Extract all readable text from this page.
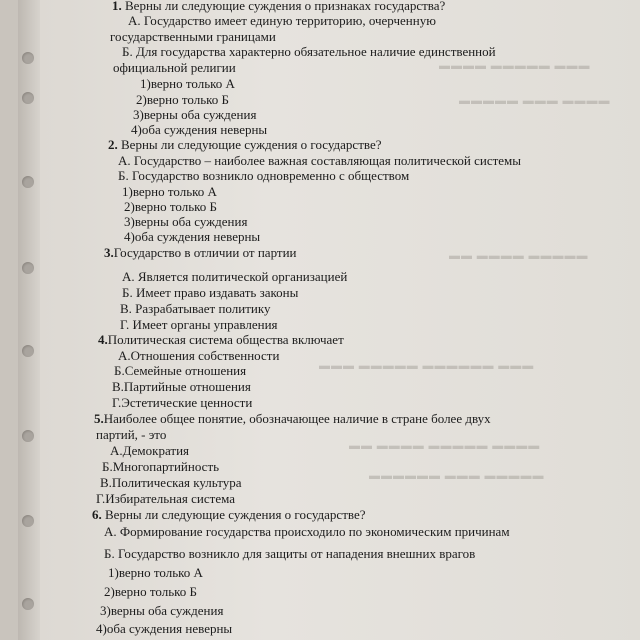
▬▬▬ ▬▬▬▬▬ ▬▬▬▬
▬▬▬▬ ▬▬▬ ▬▬▬▬▬
▬▬▬▬▬ ▬▬▬▬ ▬▬
▬▬▬ ▬▬▬▬▬▬ ▬▬▬▬▬ ▬▬▬
▬▬▬▬ ▬▬▬▬▬ ▬▬▬▬ ▬▬
▬▬▬▬▬ ▬▬▬ ▬▬▬▬▬▬
1. Верны ли следующие суждения о признаках государства?
А. Государство имеет единую территорию, очерченную
государственными границами
Б. Для государства характерно обязательное наличие единственной
официальной религии
1)верно только А
2)верно только Б
3)верны оба суждения
4)оба суждения неверны
2. Верны ли следующие суждения о государстве?
А. Государство – наиболее важная составляющая политической системы
Б. Государство возникло одновременно с обществом
1)верно только А
2)верно только Б
3)верны оба суждения
4)оба суждения неверны
3.Государство в отличии от партии
А. Является политической организацией
Б. Имеет право издавать законы
В. Разрабатывает политику
Г. Имеет органы управления
4.Политическая система общества включает
А.Отношения собственности
Б.Семейные отношения
В.Партийные отношения
Г.Эстетические ценности
5.Наиболее общее понятие, обозначающее наличие в стране более двух
партий, - это
А.Демократия
Б.Многопартийность
В.Политическая культура
Г.Избирательная система
6. Верны ли следующие суждения о государстве?
А. Формирование государства происходило по экономическим причинам
Б. Государство возникло для защиты от нападения внешних врагов
1)верно только А
2)верно только Б
3)верны оба суждения
4)оба суждения неверны
